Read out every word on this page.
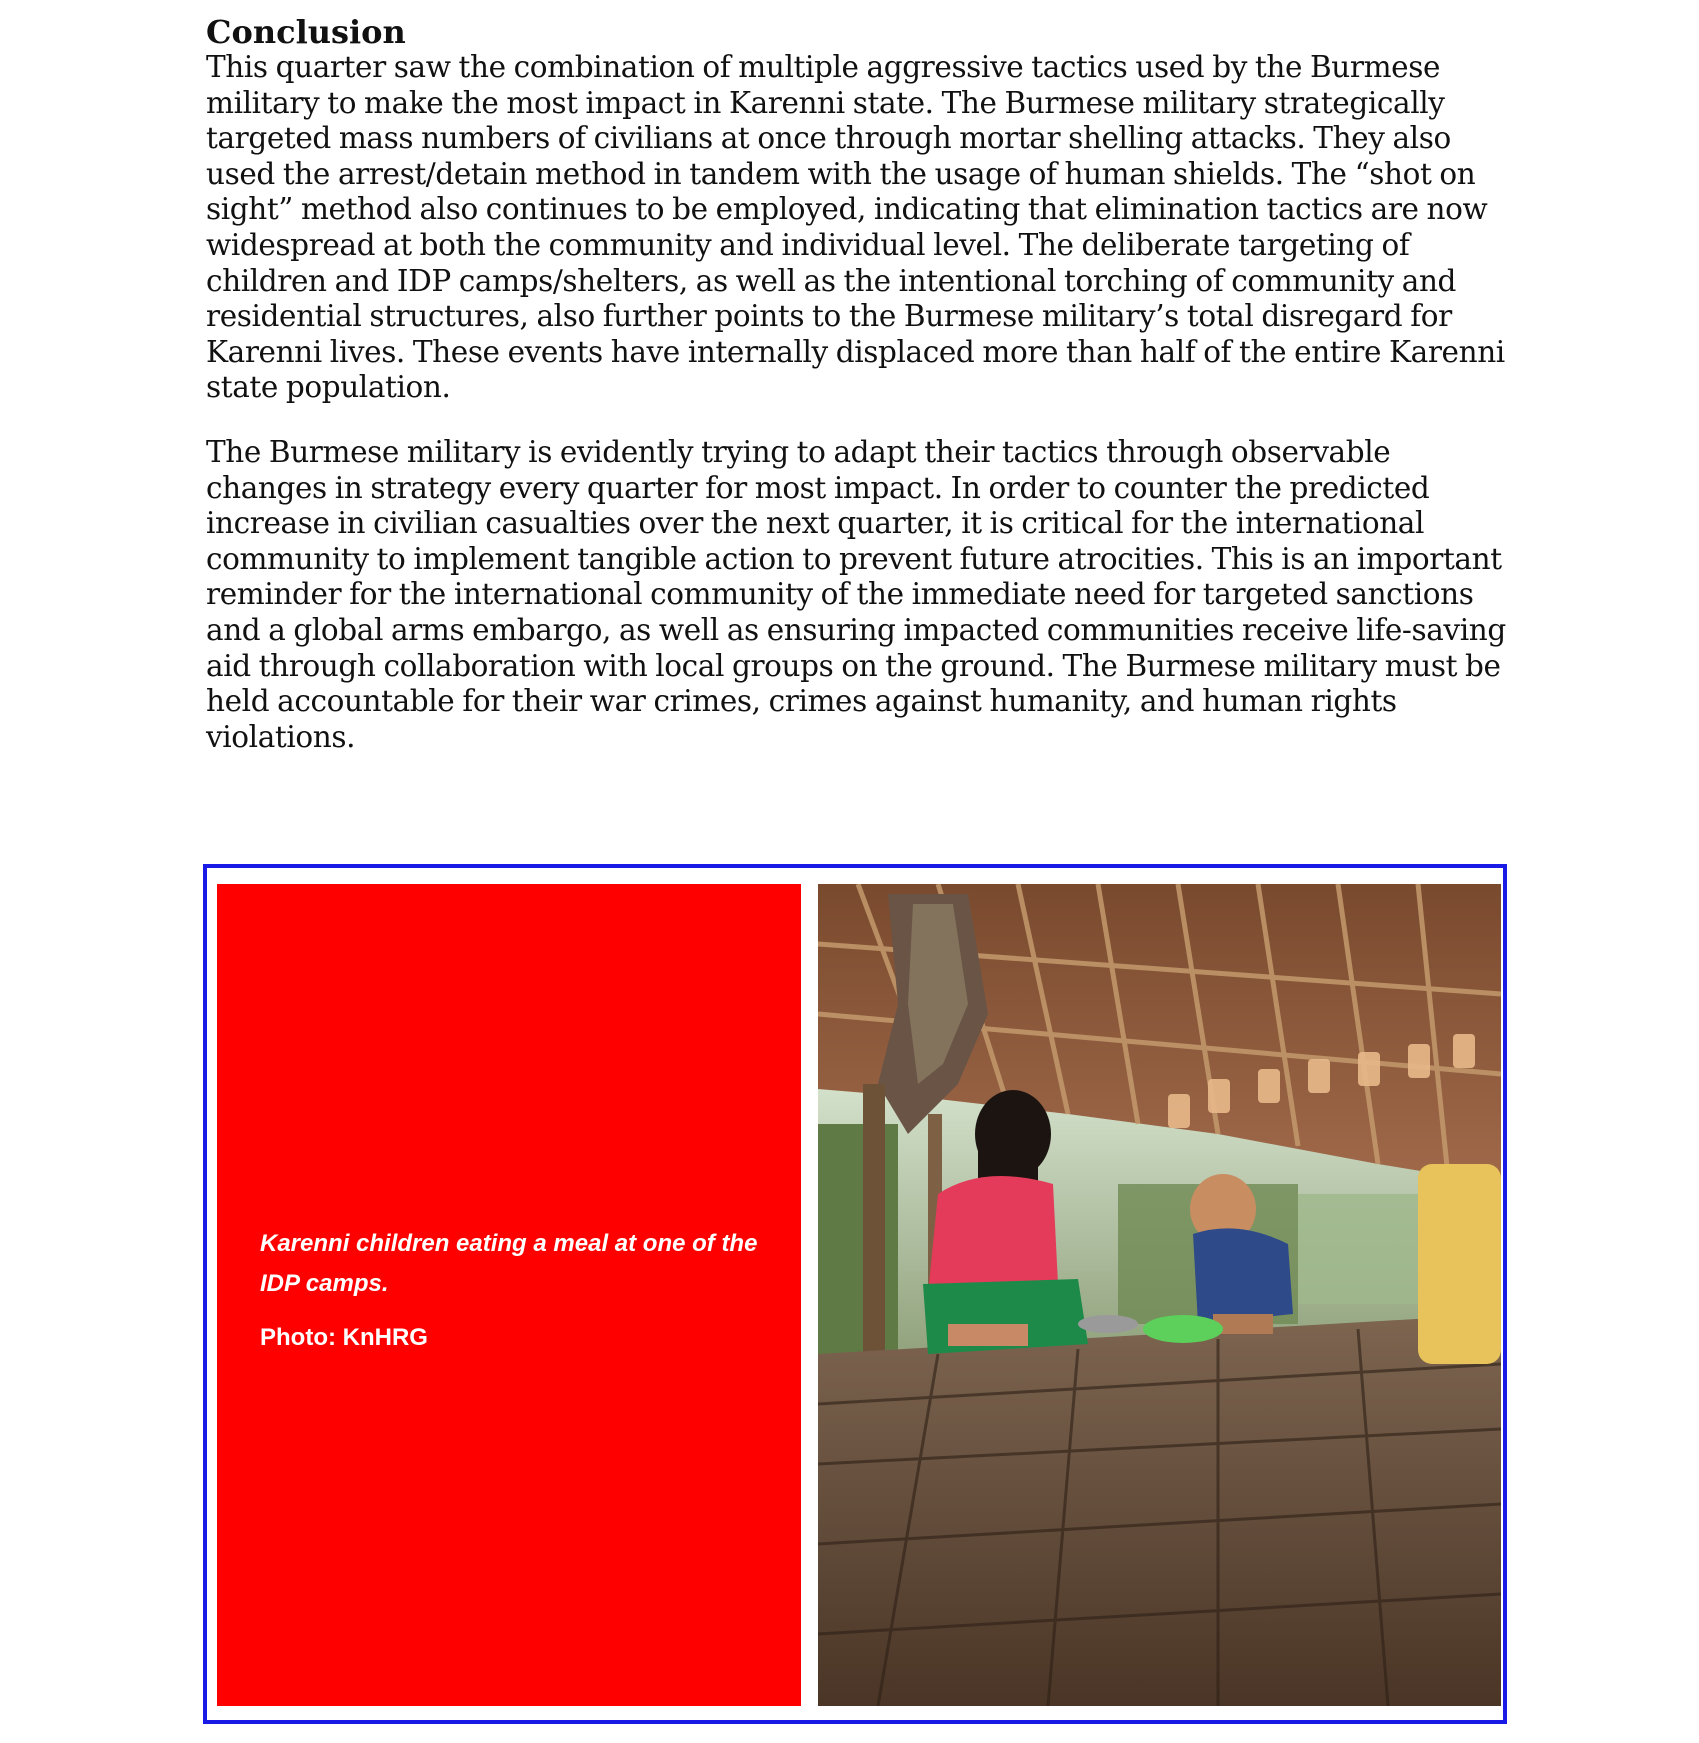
Conclusion

This quarter saw the combination of multiple aggressive tactics used by the Burmese military to make the most impact in Karenni state. The Burmese military strategically targeted mass numbers of civilians at once through mortar shelling attacks. They also used the arrest/detain method in tandem with the usage of human shields. The “shot on sight” method also continues to be employed, indicating that elimination tactics are now widespread at both the community and individual level. The deliberate targeting of children and IDP camps/shelters, as well as the intentional torching of community and residential structures, also further points to the Burmese military’s total disregard for Karenni lives. These events have internally displaced more than half of the entire Karenni state population.

The Burmese military is evidently trying to adapt their tactics through observable changes in strategy every quarter for most impact. In order to counter the predicted increase in civilian casualties over the next quarter, it is critical for the international community to implement tangible action to prevent future atrocities. This is an important reminder for the international community of the immediate need for targeted sanctions and a global arms embargo, as well as ensuring impacted communities receive life-saving aid through collaboration with local groups on the ground. The Burmese military must be held accountable for their war crimes, crimes against humanity, and human rights violations.

Karenni children eating a meal at one of the IDP camps.

Photo: KnHRG
